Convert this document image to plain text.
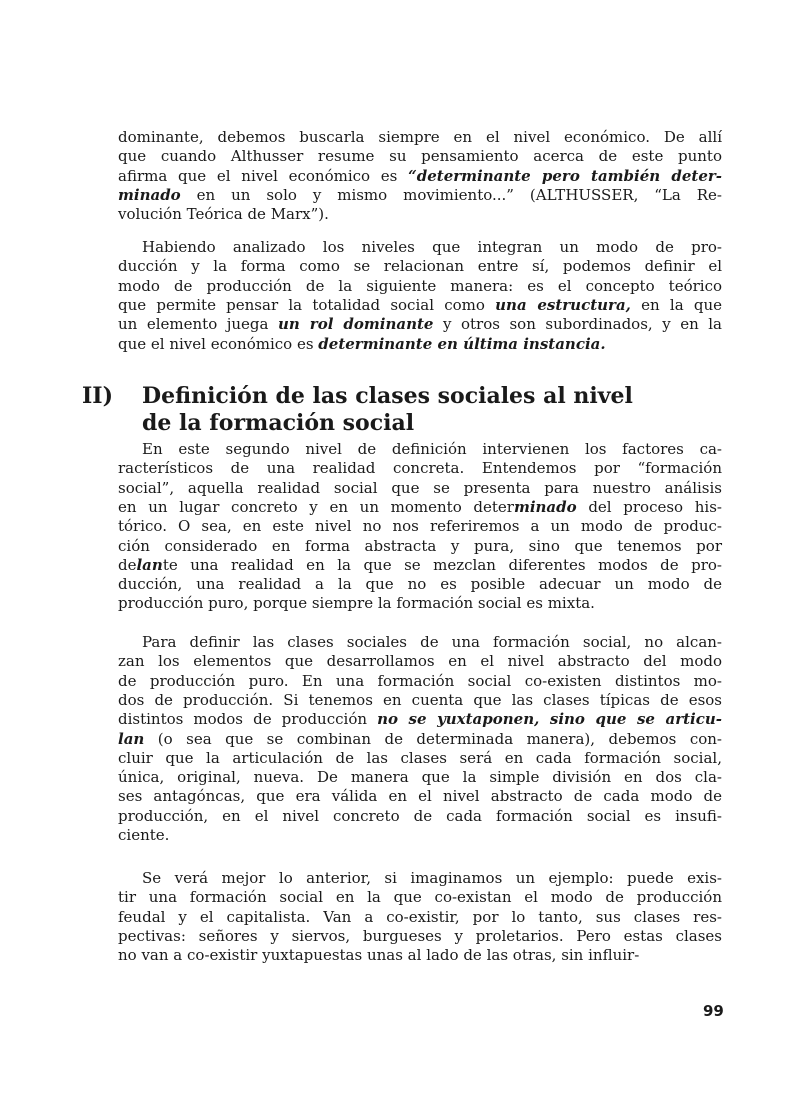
dominante, debemos buscarla siempre en el nivel económico. De allí

que cuando Althusser resume su pensamiento acerca de este punto

afirma que el nivel económico es “determinante pero también deter-

minado en un solo y mismo movimiento...” (ALTHUSSER, “La Re-

volución Teórica de Marx”).

Habiendo analizado los niveles que integran un modo de pro-

ducción y la forma como se relacionan entre sí, podemos definir el

modo de producción de la siguiente manera: es el concepto teórico

que permite pensar la totalidad social como una estructura, en la que

un elemento juega un rol dominante y otros son subordinados, y en la

que el nivel económico es determinante en última instancia.

En este segundo nivel de definición intervienen los factores ca-

racterísticos de una realidad concreta. Entendemos por “formación

social”, aquella realidad social que se presenta para nuestro análisis

en un lugar concreto y en un momento determinado del proceso his-

tórico. O sea, en este nivel no nos referiremos a un modo de produc-

ción considerado en forma abstracta y pura, sino que tenemos por

delante una realidad en la que se mezclan diferentes modos de pro-

ducción, una realidad a la que no es posible adecuar un modo de

producción puro, porque siempre la formación social es mixta.

Para definir las clases sociales de una formación social, no alcan-

zan los elementos que desarrollamos en el nivel abstracto del modo

de producción puro. En una formación social co-existen distintos mo-

dos de producción. Si tenemos en cuenta que las clases típicas de esos

distintos modos de producción no se yuxtaponen, sino que se articu-

lan (o sea que se combinan de determinada manera), debemos con-

cluir que la articulación de las clases será en cada formación social,

única, original, nueva. De manera que la simple división en dos cla-

ses antagóncas, que era válida en el nivel abstracto de cada modo de

producción, en el nivel concreto de cada formación social es insufi-

ciente.

Se verá mejor lo anterior, si imaginamos un ejemplo: puede exis-

tir una formación social en la que co-existan el modo de producción

feudal y el capitalista. Van a co-existir, por lo tanto, sus clases res-

pectivas: señores y siervos, burgueses y proletarios. Pero estas clases

no van a co-existir yuxtapuestas unas al lado de las otras, sin influir-

II) Definición de las clases sociales al nivel
de la formación social
99
